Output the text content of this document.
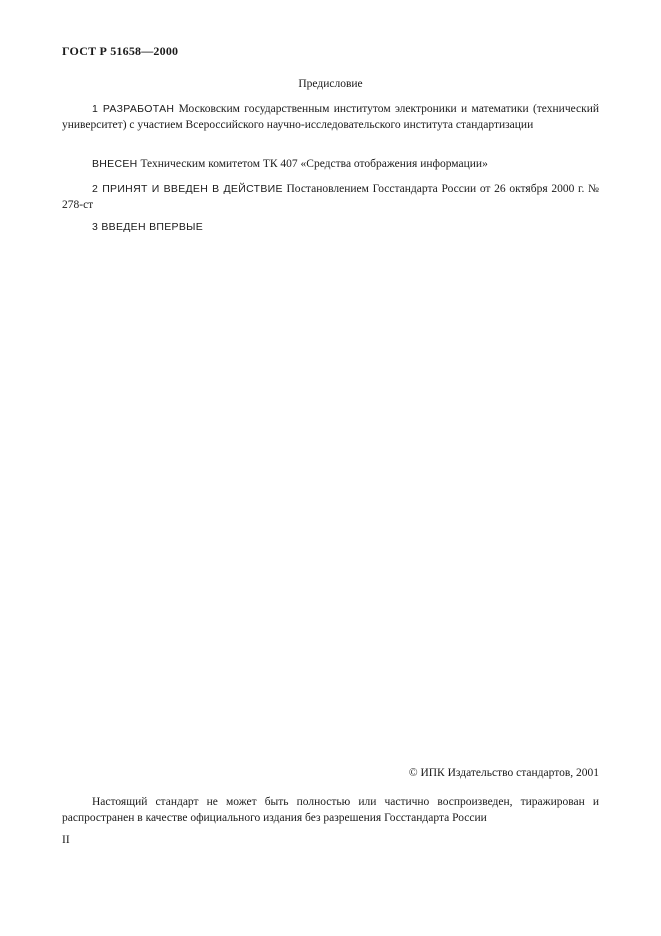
ГОСТ Р 51658—2000
Предисловие
1 РАЗРАБОТАН Московским государственным институтом электроники и математики (технический университет) с участием Всероссийского научно-исследовательского института стандартизации
ВНЕСЕН Техническим комитетом ТК 407 «Средства отображения информации»
2 ПРИНЯТ И ВВЕДЕН В ДЕЙСТВИЕ Постановлением Госстандарта России от 26 октября 2000 г. № 278-ст
3 ВВЕДЕН ВПЕРВЫЕ
© ИПК Издательство стандартов, 2001
Настоящий стандарт не может быть полностью или частично воспроизведен, тиражирован и распространен в качестве официального издания без разрешения Госстандарта России
II
